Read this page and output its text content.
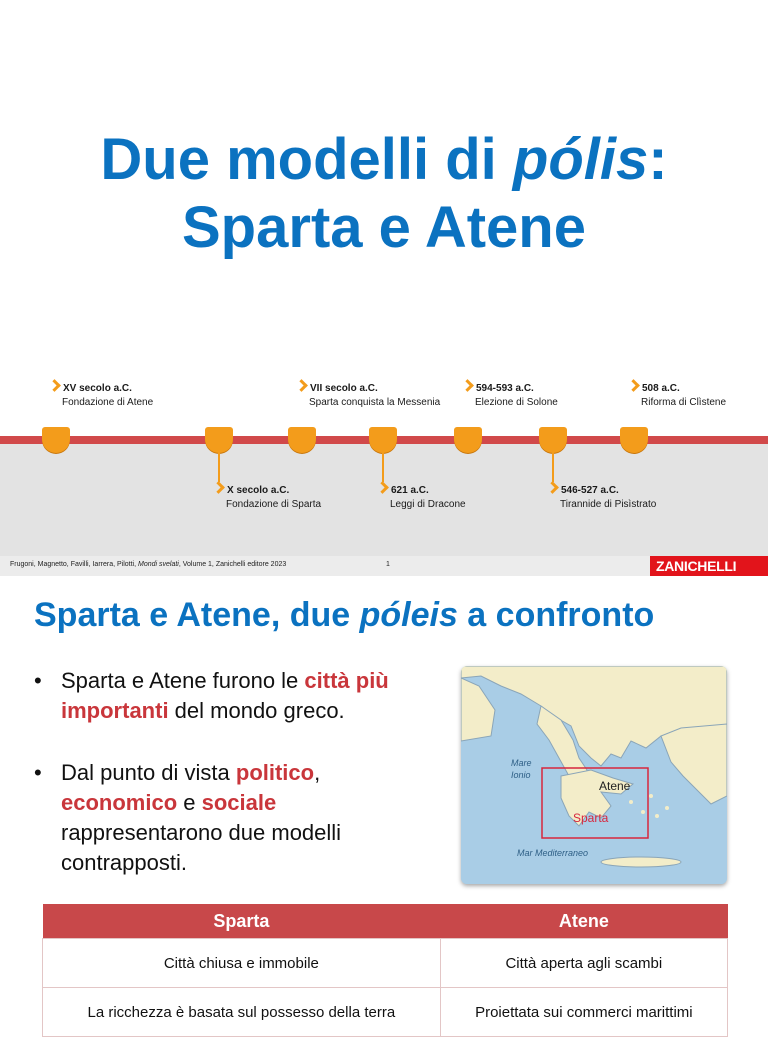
Due modelli di pólis:
Sparta e Atene
XV secolo a.C.
Fondazione di Atene
VII secolo a.C.
Sparta conquista la Messenia
594-593 a.C.
Elezione di Solone
508 a.C.
Riforma di Clìstene
X secolo a.C.
Fondazione di Sparta
621 a.C.
Leggi di Dracone
546-527 a.C.
Tirannide di Pisìstrato
Frugoni, Magnetto, Favilli, Iarrera, Pilotti, Mondi svelati, Volume 1, Zanichelli editore 2023	1	ZANICHELLI
Sparta e Atene, due póleis a confronto
• Sparta e Atene furono le città più importanti del mondo greco.
• Dal punto di vista politico, economico e sociale rappresentarono due modelli contrapposti.
Mare
Ionio
Atene
Sparta
Mar Mediterraneo
Sparta	Atene
Città chiusa e immobile	Città aperta agli scambi
La ricchezza è basata sul possesso della terra	Proiettata sui commerci marittimi
